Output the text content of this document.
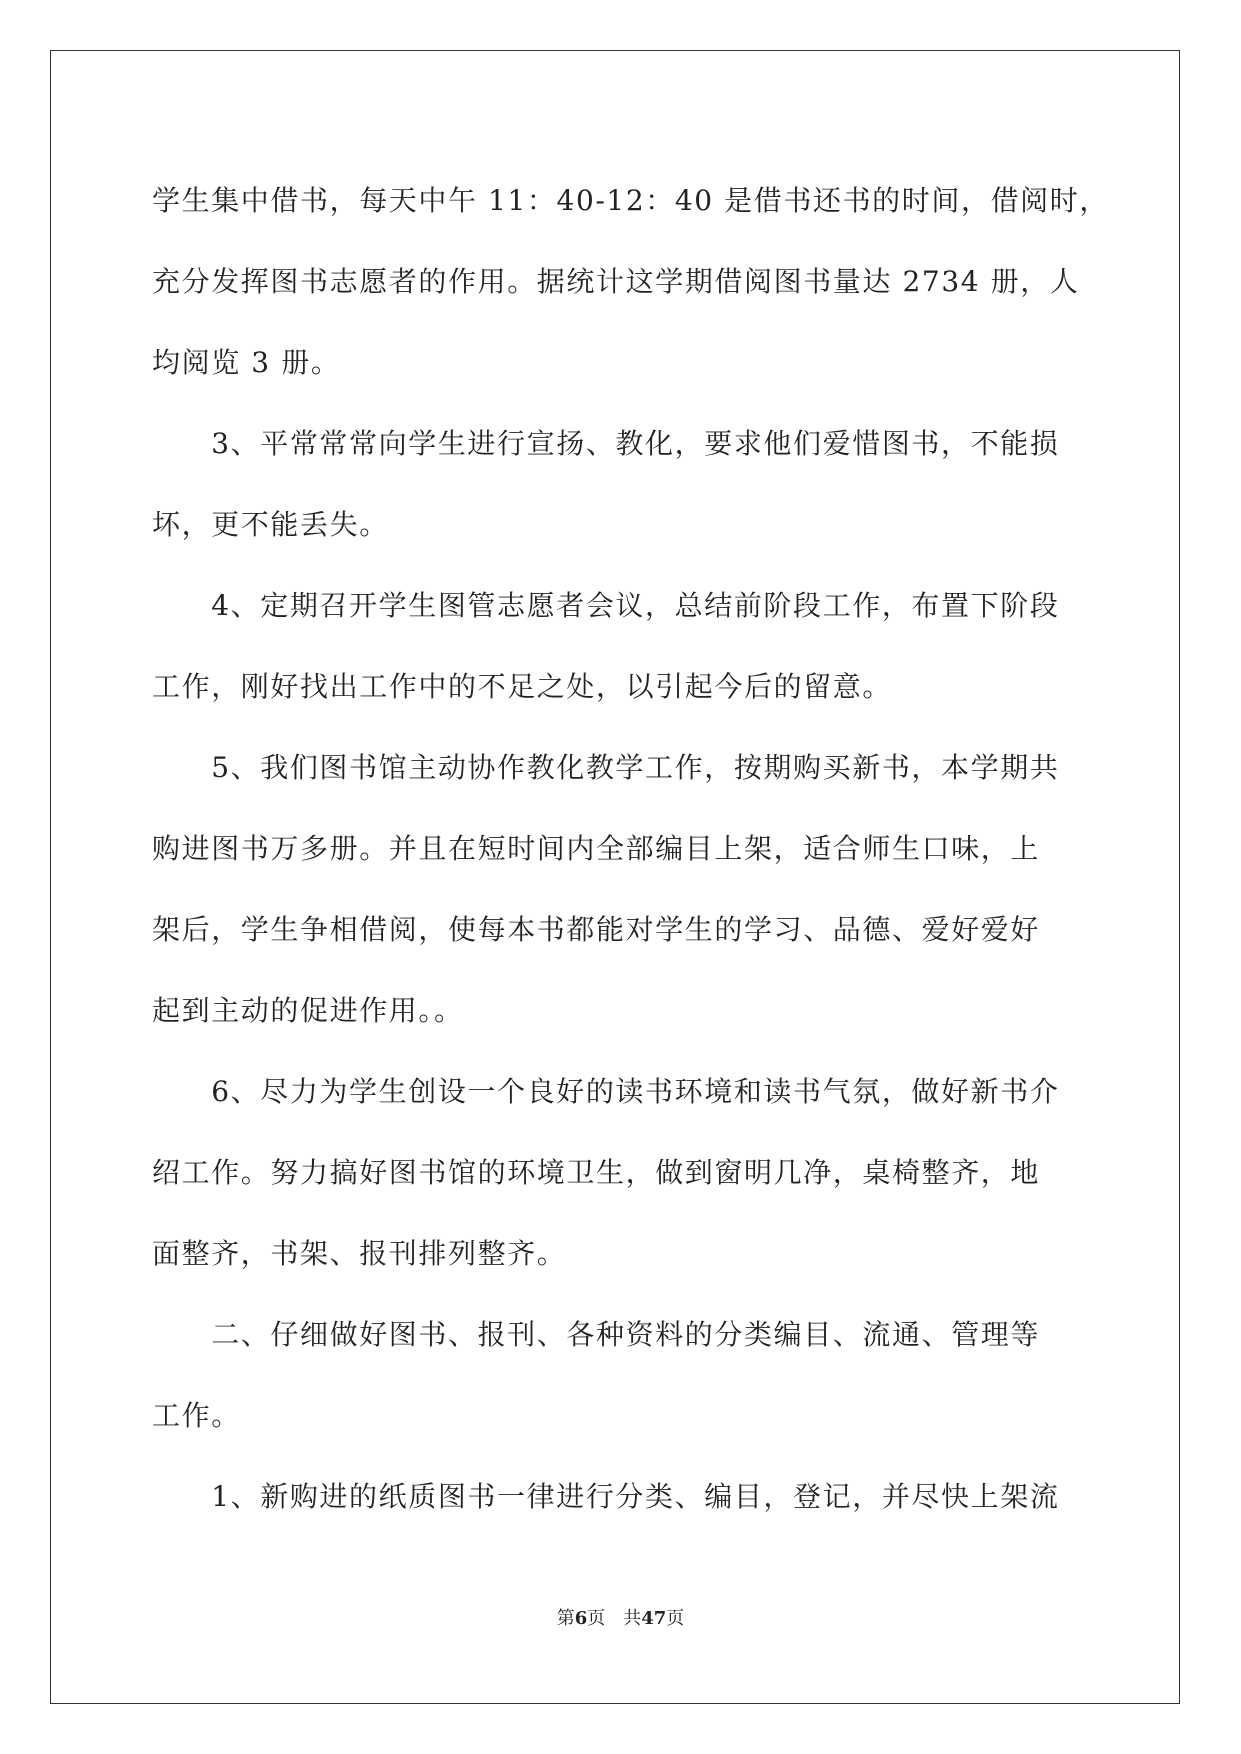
学生集中借书，每天中午 11：40-12：40 是借书还书的时间，借阅时，
充分发挥图书志愿者的作用。据统计这学期借阅图书量达 2734 册，人
均阅览 3 册。
　　3、平常常常向学生进行宣扬、教化，要求他们爱惜图书，不能损
坏，更不能丢失。
　　4、定期召开学生图管志愿者会议，总结前阶段工作，布置下阶段
工作，刚好找出工作中的不足之处，以引起今后的留意。
　　5、我们图书馆主动协作教化教学工作，按期购买新书，本学期共
购进图书万多册。并且在短时间内全部编目上架，适合师生口味，上
架后，学生争相借阅，使每本书都能对学生的学习、品德、爱好爱好
起到主动的促进作用。。
　　6、尽力为学生创设一个良好的读书环境和读书气氛，做好新书介
绍工作。努力搞好图书馆的环境卫生，做到窗明几净，桌椅整齐，地
面整齐，书架、报刊排列整齐。
　　二、仔细做好图书、报刊、各种资料的分类编目、流通、管理等
工作。
　　1、新购进的纸质图书一律进行分类、编目，登记，并尽快上架流
第6页　共47页
